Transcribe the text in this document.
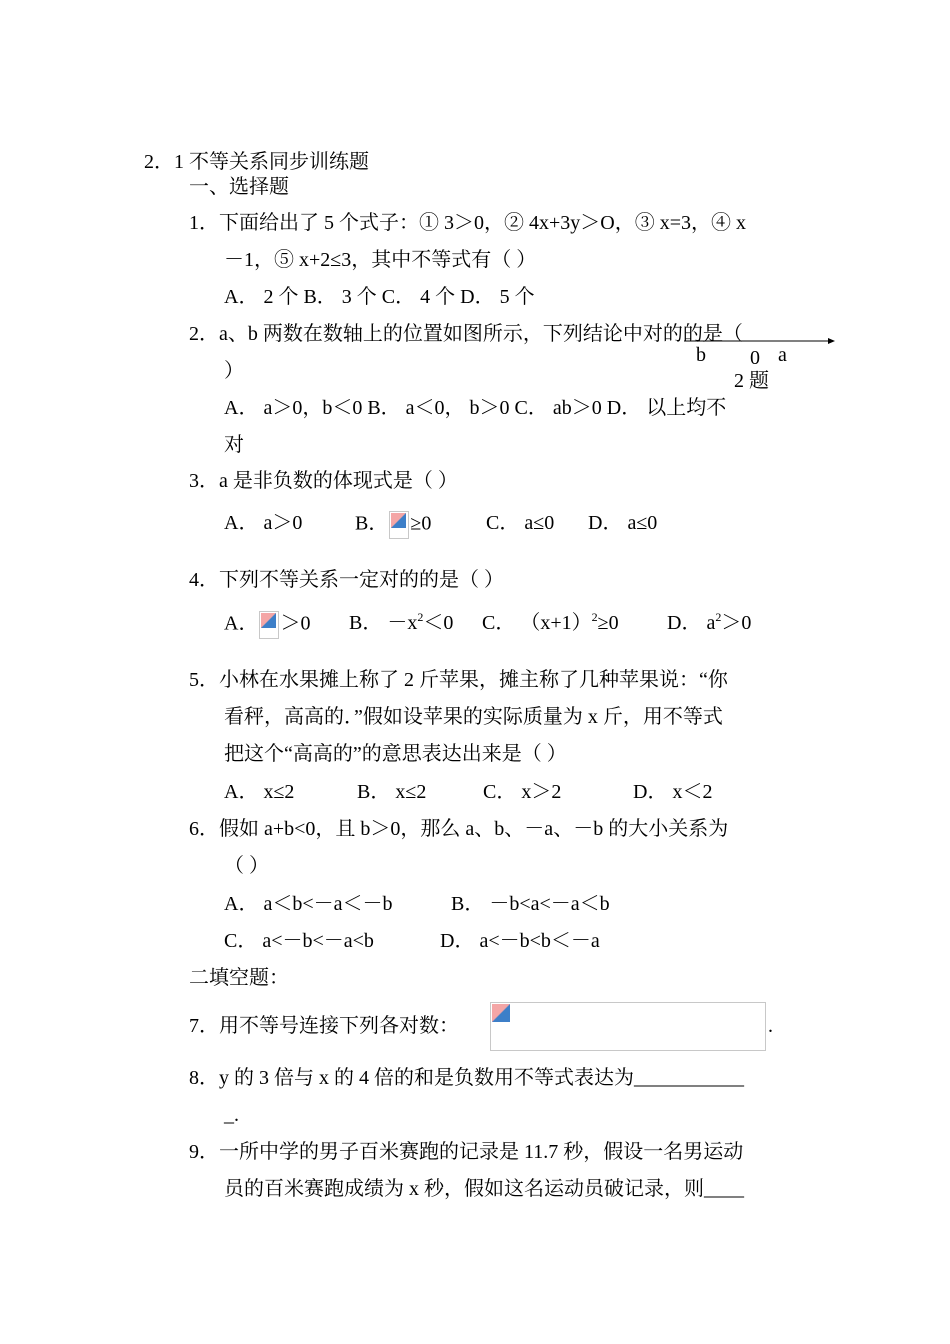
2．1 不等关系同步训练题
一、选择题
1．下面给出了 5 个式子：① 3＞0，② 4x+3y＞O，③ x=3，④ x
－1，⑤ x+2≤3，其中不等式有（ ）
A． 2 个 B． 3 个 C． 4 个 D． 5 个
2．a、b 两数在数轴上的位置如图所示，下列结论中对的的是（
）
b 0 a
2 题
A． a＞0，b＜0 B． a＜0， b＞0 C． ab＞0 D． 以上均不
对
3．a 是非负数的体现式是（ ）
A． a＞0	B． ≥0	C． a≤0 D． a≤0
4．下列不等关系一定对的的是（ ）
A． ＞0 B． $-x^2<0$ C． $(x+1)^2\ge 0$ D． $a^2>0$
5．小林在水果摊上称了 2 斤苹果，摊主称了几种苹果说：“你
看秤，高高的．”假如设苹果的实际质量为 x 斤，用不等式
把这个“高高的”的意思表达出来是（ ）
A． x≤2	B． x≤2	C． x＞2	D． x＜2
6．假如 a+b<0，且 b＞0，那么 a、b、－a、－b 的大小关系为
（ ）
A． a＜b<－a＜－b	B． －b<a<－a＜b
C． a<－b<－a<b	D． a<－b<b＜－a
二填空题：
7．用不等号连接下列各对数：	.
8．y 的 3 倍与 x 的 4 倍的和是负数用不等式表达为___________
_.
9．一所中学的男子百米赛跑的记录是 11.7 秒，假设一名男运动
员的百米赛跑成绩为 x 秒，假如这名运动员破记录，则____
